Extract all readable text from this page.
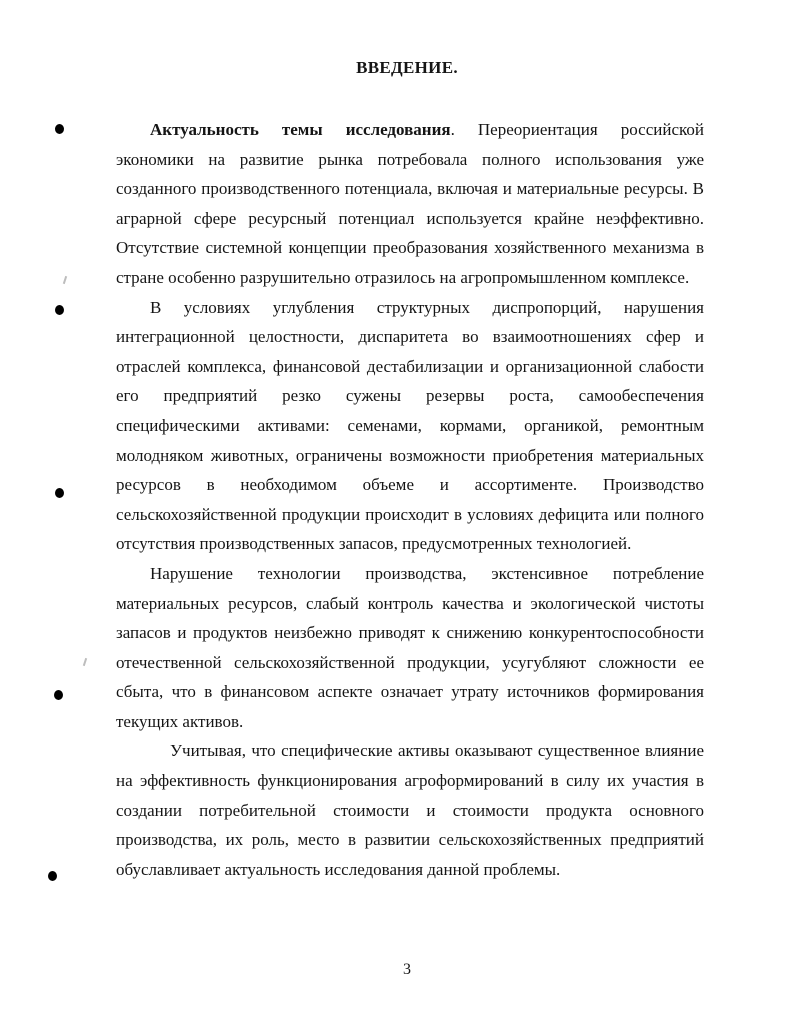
ВВЕДЕНИЕ.

Актуальность темы исследования. Переориентация российской экономики на развитие рынка потребовала полного использования уже созданного производственного потенциала, включая и материальные ресурсы. В аграрной сфере ресурсный потенциал используется крайне неэффективно. Отсутствие системной концепции преобразования хозяйственного механизма в стране особенно разрушительно отразилось на агропромышленном комплексе.

В условиях углубления структурных диспропорций, нарушения интеграционной целостности, диспаритета во взаимоотношениях сфер и отраслей комплекса, финансовой дестабилизации и организационной слабости его предприятий резко сужены резервы роста, самообеспечения специфическими активами: семенами, кормами, органикой, ремонтным молодняком животных, ограничены возможности приобретения материальных ресурсов в необходимом объеме и ассортименте. Производство сельскохозяйственной продукции происходит в условиях дефицита или полного отсутствия производственных запасов, предусмотренных технологией.

Нарушение технологии производства, экстенсивное потребление материальных ресурсов, слабый контроль качества и экологической чистоты запасов и продуктов неизбежно приводят к снижению конкурентоспособности отечественной сельскохозяйственной продукции, усугубляют сложности ее сбыта, что в финансовом аспекте означает утрату источников формирования текущих активов.

Учитывая, что специфические активы оказывают существенное влияние на эффективность функционирования агроформирований в силу их участия в создании потребительной стоимости и стоимости продукта основного производства, их роль, место в развитии сельскохозяйственных предприятий обуславливает актуальность исследования данной проблемы.

3
